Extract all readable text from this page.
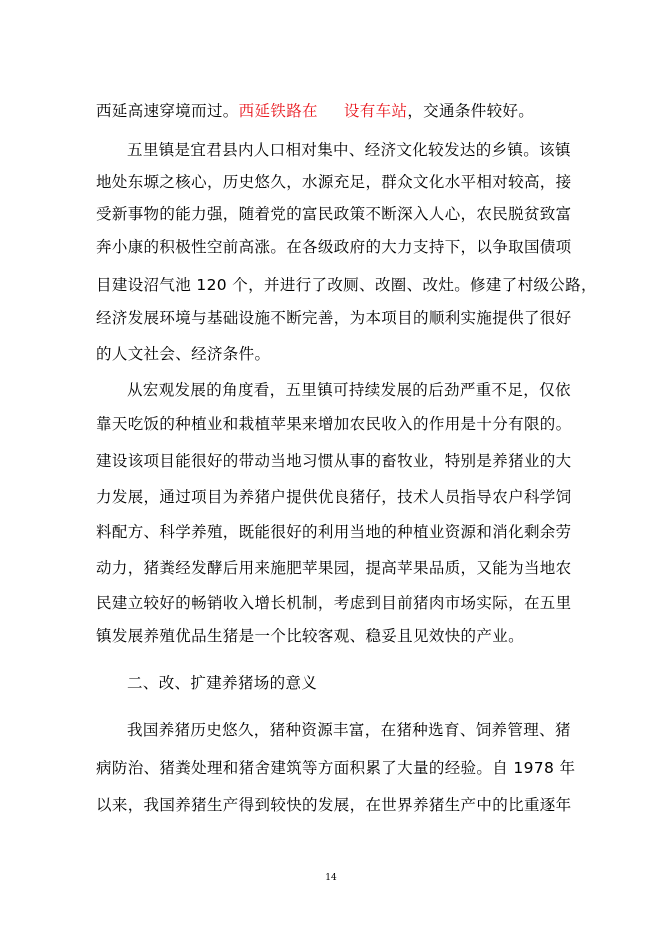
西延高速穿境而过。西延铁路在 设有车站，交通条件较好。
五里镇是宜君县内人口相对集中、经济文化较发达的乡镇。该镇
地处东塬之核心，历史悠久，水源充足，群众文化水平相对较高，接
受新事物的能力强，随着党的富民政策不断深入人心，农民脱贫致富
奔小康的积极性空前高涨。在各级政府的大力支持下，以争取国债项
目建设沼气池 120 个，并进行了改厕、改圈、改灶。修建了村级公路，
经济发展环境与基础设施不断完善，为本项目的顺利实施提供了很好
的人文社会、经济条件。
从宏观发展的角度看，五里镇可持续发展的后劲严重不足，仅依
靠天吃饭的种植业和栽植苹果来增加农民收入的作用是十分有限的。
建设该项目能很好的带动当地习惯从事的畜牧业，特别是养猪业的大
力发展，通过项目为养猪户提供优良猪仔，技术人员指导农户科学饲
料配方、科学养殖，既能很好的利用当地的种植业资源和消化剩余劳
动力，猪粪经发酵后用来施肥苹果园，提高苹果品质，又能为当地农
民建立较好的畅销收入增长机制，考虑到目前猪肉市场实际，在五里
镇发展养殖优品生猪是一个比较客观、稳妥且见效快的产业。
二、改、扩建养猪场的意义
我国养猪历史悠久，猪种资源丰富，在猪种选育、饲养管理、猪
病防治、猪粪处理和猪舍建筑等方面积累了大量的经验。自 1978 年
以来，我国养猪生产得到较快的发展，在世界养猪生产中的比重逐年
14
